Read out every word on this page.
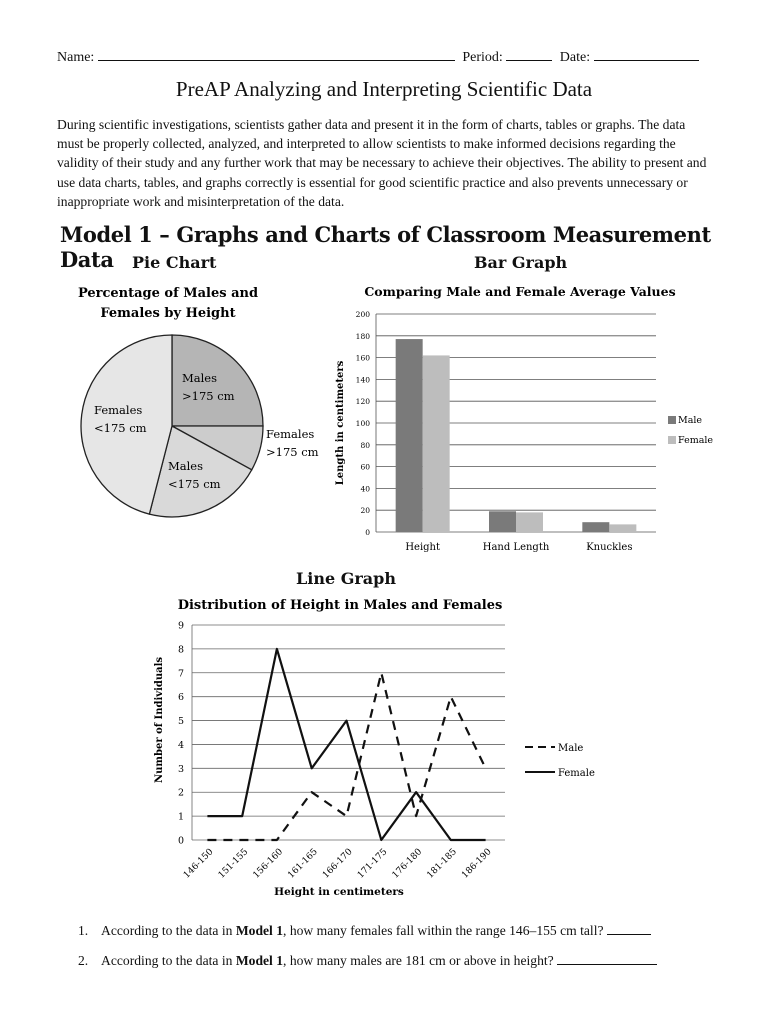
Name:	Period:	Date:
PreAP Analyzing and Interpreting Scientific Data
During scientific investigations, scientists gather data and present it in the form of charts, tables or graphs. The data must be properly collected, analyzed, and interpreted to allow scientists to make informed decisions regarding the validity of their study and any further work that may be necessary to achieve their objectives. The ability to present and use data charts, tables, and graphs correctly is essential for good scientific practice and also prevents unnecessary or inappropriate work and misinterpretation of the data.
Model 1 – Graphs and Charts of Classroom Measurement Data	Pie Chart	Bar Graph
Line Graph
Percentage of Males and
Females by Height
Males
>175 cm
Females
>175 cm
Males
<175 cm
Females
<175 cm
Comparing Male and Female Average Values
0
20
40
60
80
100
120
140
160
180
200
Height	Hand Length	Knuckles
Male
Female
Length in centimeters
Distribution of Height in Males and Females
0
1
2
3
4
5
6
7
8
9
146-150 151-155 156-160 161-165 166-170 171-175 176-180 181-185 186-190
Male
Female
Number of Individuals
Height in centimeters
1. According to the data in Model 1, how many females fall within the range 146–155 cm tall?
2. According to the data in Model 1, how many males are 181 cm or above in height?
